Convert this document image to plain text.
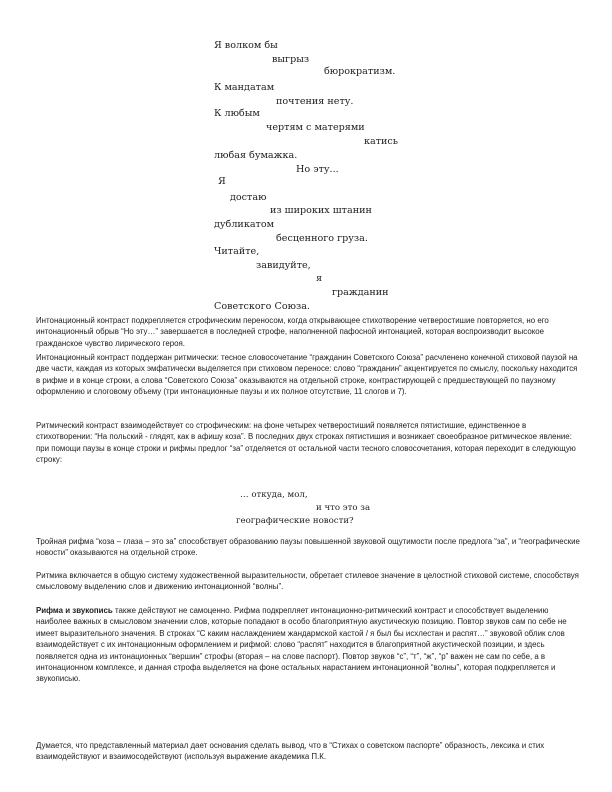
Я волком бы
выгрыз
бюрократизм.
К мандатам
почтения нету.
К любым
чертям с матерями
катись
любая бумажка.
Но эту...
Я
достаю
из широких штанин
дубликатом
бесценного груза.
Читайте,
завидуйте,
я
гражданин
Советского Союза.

Интонационный контраст подкрепляется строфическим переносом, когда открывающее стихотворение четверостишие повторяется, но его интонационный обрыв “Но эту…” завершается в последней строфе, наполненной пафосной интонацией, которая воспроизводит высокое гражданское чувство лирического героя.

Интонационный контраст поддержан ритмически: тесное словосочетание “гражданин Советского Союза” расчленено конечной стиховой паузой на две части, каждая из которых эмфатически выделяется при стиховом переносе: слово “гражданин” акцентируется по смыслу, поскольку находится в рифме и в конце строки, а слова “Советского Союза” оказываются на отдельной строке, контрастирующей с предшествующей по паузному оформлению и слоговому объему (три интонационные паузы и их полное отсутствие, 11 слогов и 7).

Ритмический контраст взаимодействует со строфическим: на фоне четырех четверостиший появляется пятистишие, единственное в стихотворении: “На польский - глядят, как в афишу коза”. В последних двух строках пятистишия и возникает своеобразное ритмическое явление: при помощи паузы в конце строки и рифмы предлог “за” отделяется от остальной части тесного словосочетания, которая переходит в следующую строку:

… откуда, мол,
и что это за
географические новости?

Тройная рифма “коза – глаза – это за” способствует образованию паузы повышенной звуковой ощутимости после предлога “за”, и “географические новости” оказываются на отдельной строке.

Ритмика включается в общую систему художественной выразительности, обретает стилевое значение в целостной стиховой системе, способствуя смысловому выделению слов и движению интонационной “волны”.

Рифма и звукопись также действуют не самоценно. Рифма подкрепляет интонационно-ритмический контраст и способствует выделению наиболее важных в смысловом значении слов, которые попадают в особо благоприятную акустическую позицию. Повтор звуков сам по себе не имеет выразительного значения. В строках “С каким наслаждением жандармской кастой / я был бы исхлестан и распят…” звуковой облик слов взаимодействует с их интонационным оформлением и рифмой: слово “распят” находится в благоприятной акустической позиции, и здесь появляется одна из интонационных “вершин” строфы (вторая – на слове паспорт). Повтор звуков “с”, “т”, “ж”, “р” важен не сам по себе, а в интонационном комплексе, и данная строфа выделяется на фоне остальных нарастанием интонационной “волны”, которая подкрепляется и звукописью.

Думается, что представленный материал дает основания сделать вывод, что в “Стихах о советском паспорте” образность, лексика и стих взаимодействуют и взаимосодействуют (используя выражение академика П.К.
